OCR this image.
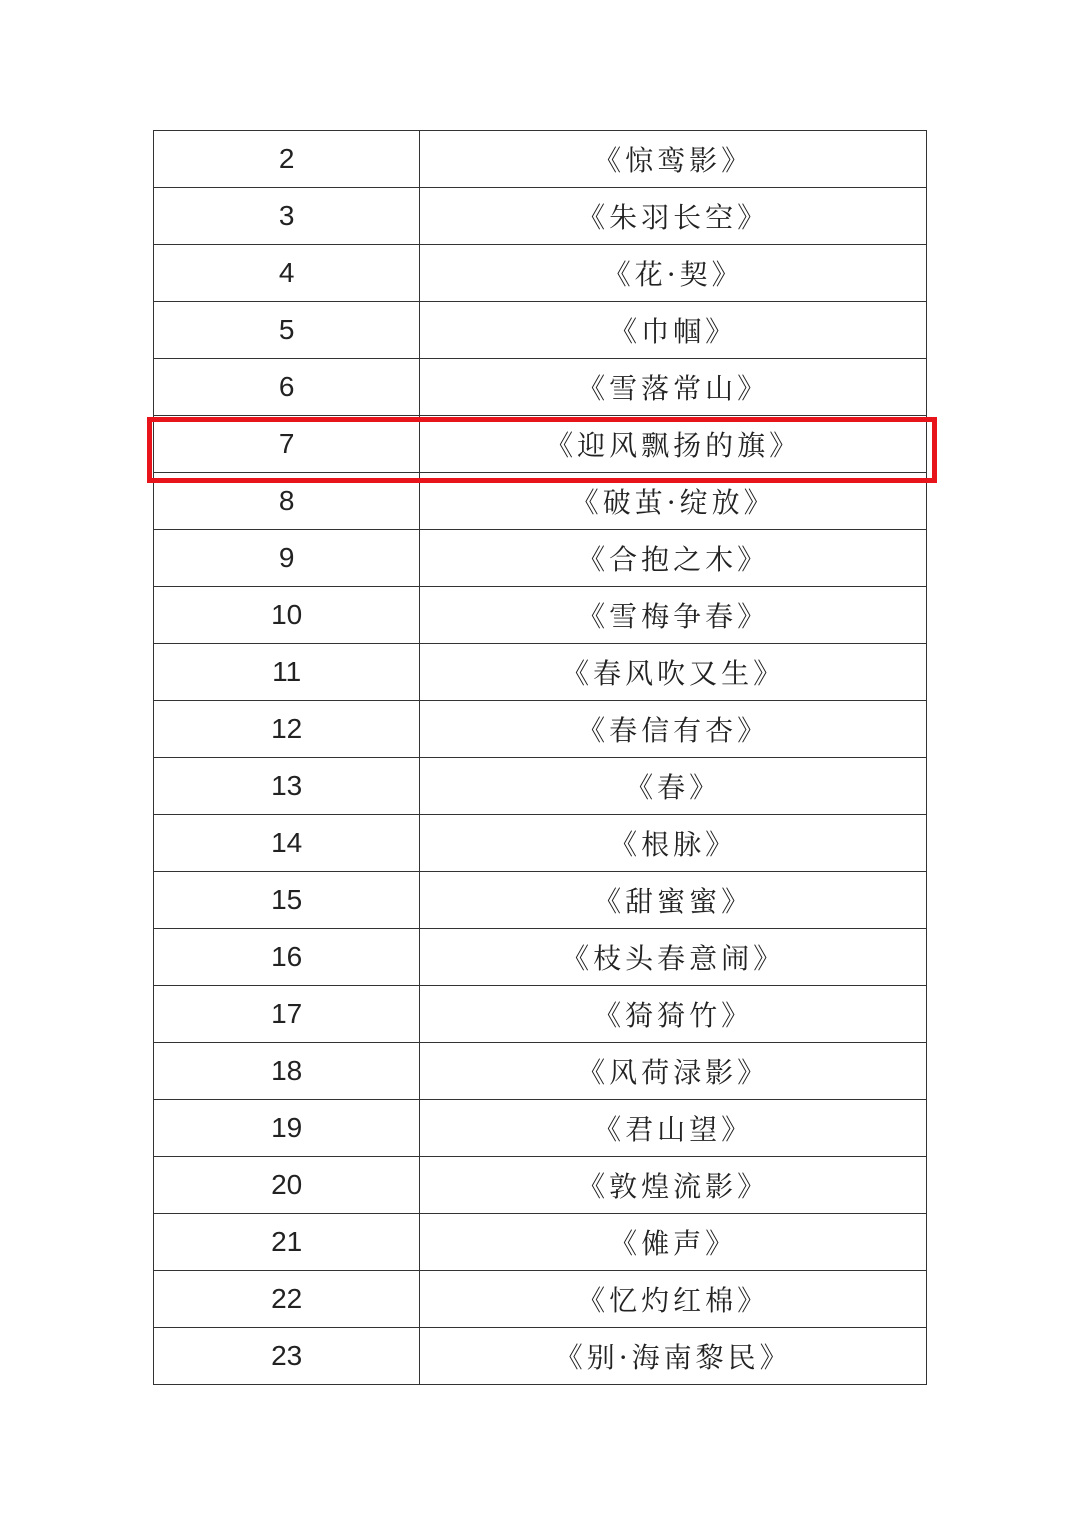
2	《惊鸾影》
3	《朱羽长空》
4	《花·契》
5	《巾帼》
6	《雪落常山》
7	《迎风飘扬的旗》
8	《破茧·绽放》
9	《合抱之木》
10	《雪梅争春》
11	《春风吹又生》
12	《春信有杏》
13	《春》
14	《根脉》
15	《甜蜜蜜》
16	《枝头春意闹》
17	《猗猗竹》
18	《风荷渌影》
19	《君山望》
20	《敦煌流影》
21	《傩声》
22	《忆灼红棉》
23	《别·海南黎民》
